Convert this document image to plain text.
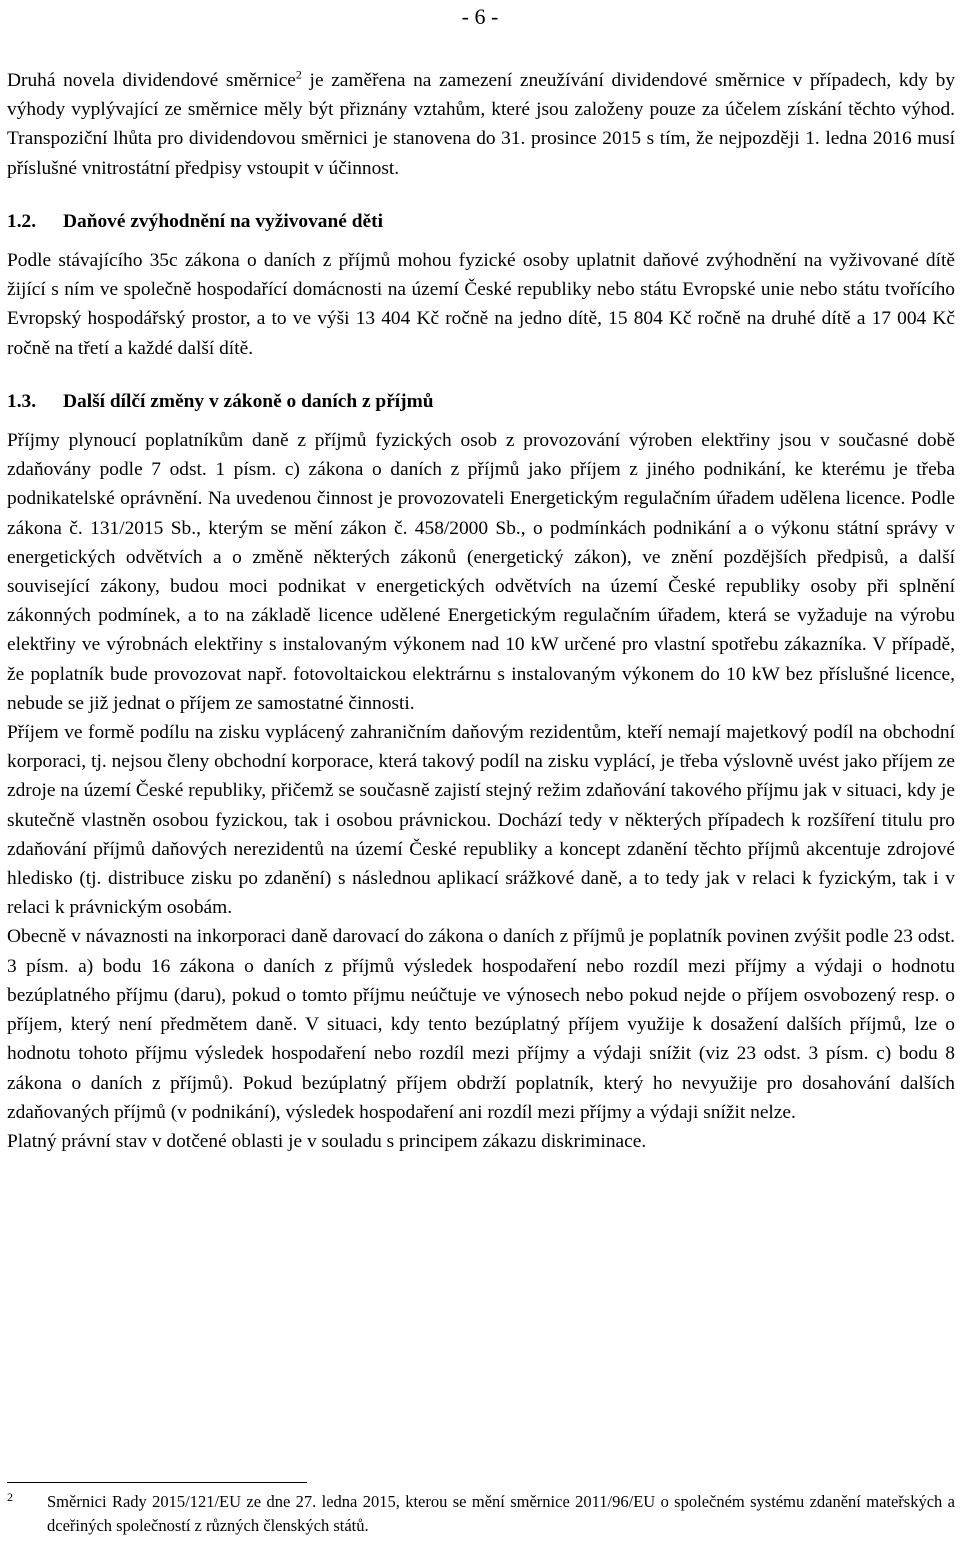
- 6 -

Druhá novela dividendové směrnice$^2$ je zaměřena na zamezení zneužívání dividendové směrnice v případech, kdy by výhody vyplývající ze směrnice měly být přiznány vztahům, které jsou založeny pouze za účelem získání těchto výhod. Transpoziční lhůta pro dividendovou směrnici je stanovena do 31. prosince 2015 s tím, že nejpozději 1. ledna 2016 musí příslušné vnitrostátní předpisy vstoupit v účinnost.

1.2. Daňové zvýhodnění na vyživované děti

Podle stávajícího 35c zákona o daních z příjmů mohou fyzické osoby uplatnit daňové zvýhodnění na vyživované dítě žijící s ním ve společně hospodařící domácnosti na území České republiky nebo státu Evropské unie nebo státu tvořícího Evropský hospodářský prostor, a to ve výši 13 404 Kč ročně na jedno dítě, 15 804 Kč ročně na druhé dítě a 17 004 Kč ročně na třetí a každé další dítě.

1.3. Další dílčí změny v zákoně o daních z příjmů

Příjmy plynoucí poplatníkům daně z příjmů fyzických osob z provozování výroben elektřiny jsou v současné době zdaňovány podle 7 odst. 1 písm. c) zákona o daních z příjmů jako příjem z jiného podnikání, ke kterému je třeba podnikatelské oprávnění. Na uvedenou činnost je provozovateli Energetickým regulačním úřadem udělena licence. Podle zákona č. 131/2015 Sb., kterým se mění zákon č. 458/2000 Sb., o podmínkách podnikání a o výkonu státní správy v energetických odvětvích a o změně některých zákonů (energetický zákon), ve znění pozdějších předpisů, a další související zákony, budou moci podnikat v energetických odvětvích na území České republiky osoby při splnění zákonných podmínek, a to na základě licence udělené Energetickým regulačním úřadem, která se vyžaduje na výrobu elektřiny ve výrobnách elektřiny s instalovaným výkonem nad 10 kW určené pro vlastní spotřebu zákazníka. V případě, že poplatník bude provozovat např. fotovoltaickou elektrárnu s instalovaným výkonem do 10 kW bez příslušné licence, nebude se již jednat o příjem ze samostatné činnosti.

Příjem ve formě podílu na zisku vyplácený zahraničním daňovým rezidentům, kteří nemají majetkový podíl na obchodní korporaci, tj. nejsou členy obchodní korporace, která takový podíl na zisku vyplácí, je třeba výslovně uvést jako příjem ze zdroje na území České republiky, přičemž se současně zajistí stejný režim zdaňování takového příjmu jak v situaci, kdy je skutečně vlastněn osobou fyzickou, tak i osobou právnickou. Dochází tedy v některých případech k rozšíření titulu pro zdaňování příjmů daňových nerezidentů na území České republiky a koncept zdanění těchto příjmů akcentuje zdrojové hledisko (tj. distribuce zisku po zdanění) s následnou aplikací srážkové daně, a to tedy jak v relaci k fyzickým, tak i v relaci k právnickým osobám.

Obecně v návaznosti na inkorporaci daně darovací do zákona o daních z příjmů je poplatník povinen zvýšit podle 23 odst. 3 písm. a) bodu 16 zákona o daních z příjmů výsledek hospodaření nebo rozdíl mezi příjmy a výdaji o hodnotu bezúplatného příjmu (daru), pokud o tomto příjmu neúčtuje ve výnosech nebo pokud nejde o příjem osvobozený resp. o příjem, který není předmětem daně. V situaci, kdy tento bezúplatný příjem využije k dosažení dalších příjmů, lze o hodnotu tohoto příjmu výsledek hospodaření nebo rozdíl mezi příjmy a výdaji snížit (viz 23 odst. 3 písm. c) bodu 8 zákona o daních z příjmů). Pokud bezúplatný příjem obdrží poplatník, který ho nevyužije pro dosahování dalších zdaňovaných příjmů (v podnikání), výsledek hospodaření ani rozdíl mezi příjmy a výdaji snížit nelze.

Platný právní stav v dotčené oblasti je v souladu s principem zákazu diskriminace.

2 Směrnici Rady 2015/121/EU ze dne 27. ledna 2015, kterou se mění směrnice 2011/96/EU o společném systému zdanění mateřských a dceřiných společností z různých členských států.
